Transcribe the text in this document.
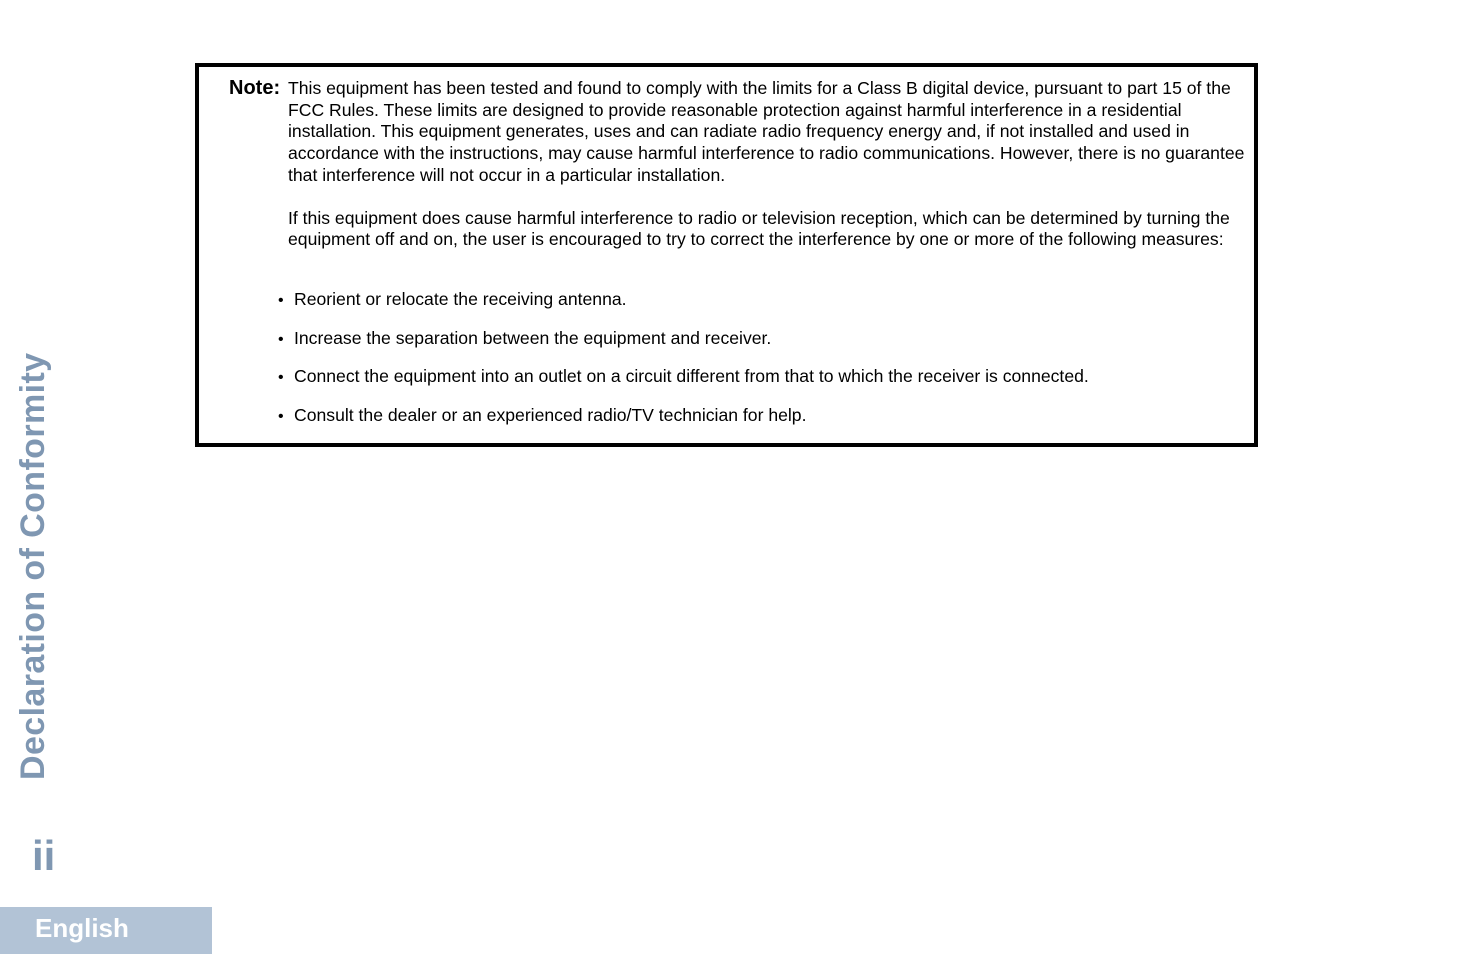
Note: This equipment has been tested and found to comply with the limits for a Class B digital device, pursuant to part 15 of the FCC Rules. These limits are designed to provide reasonable protection against harmful interference in a residential installation. This equipment generates, uses and can radiate radio frequency energy and, if not installed and used in accordance with the instructions, may cause harmful interference to radio communications. However, there is no guarantee that interference will not occur in a particular installation.

If this equipment does cause harmful interference to radio or television reception, which can be determined by turning the equipment off and on, the user is encouraged to try to correct the interference by one or more of the following measures:

• Reorient or relocate the receiving antenna.
• Increase the separation between the equipment and receiver.
• Connect the equipment into an outlet on a circuit different from that to which the receiver is connected.
• Consult the dealer or an experienced radio/TV technician for help.
Declaration of Conformity
ii
English
